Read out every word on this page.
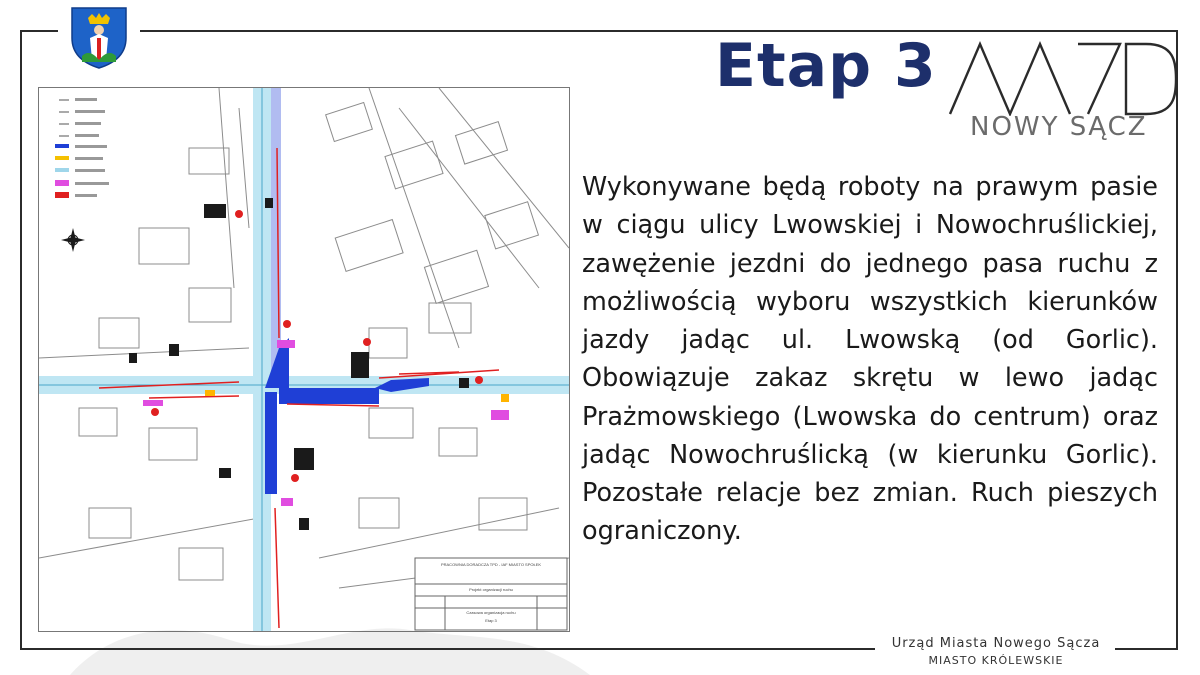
Etap 3
NOWY SĄCZ
PRACOWNIA DORADCZA TPD - IAF MIASTO SPOŁEK
Projekt organizacji ruchu
Czasowa organizacja ruchu
Etap 3

Wykonywane będą roboty na prawym pasie w ciągu ulicy Lwowskiej i Nowochruślickiej, zawężenie jezdni do jednego pasa ruchu z możliwością wyboru wszystkich kierunków jazdy jadąc ul. Lwowską (od Gorlic). Obowiązuje zakaz skrętu w lewo jadąc Prażmowskiego (Lwowska do centrum) oraz jadąc Nowochruślicką (w kierunku Gorlic). Pozostałe relacje bez zmian. Ruch pieszych ograniczony.

Urząd Miasta Nowego Sącza
MIASTO KRÓLEWSKIE
